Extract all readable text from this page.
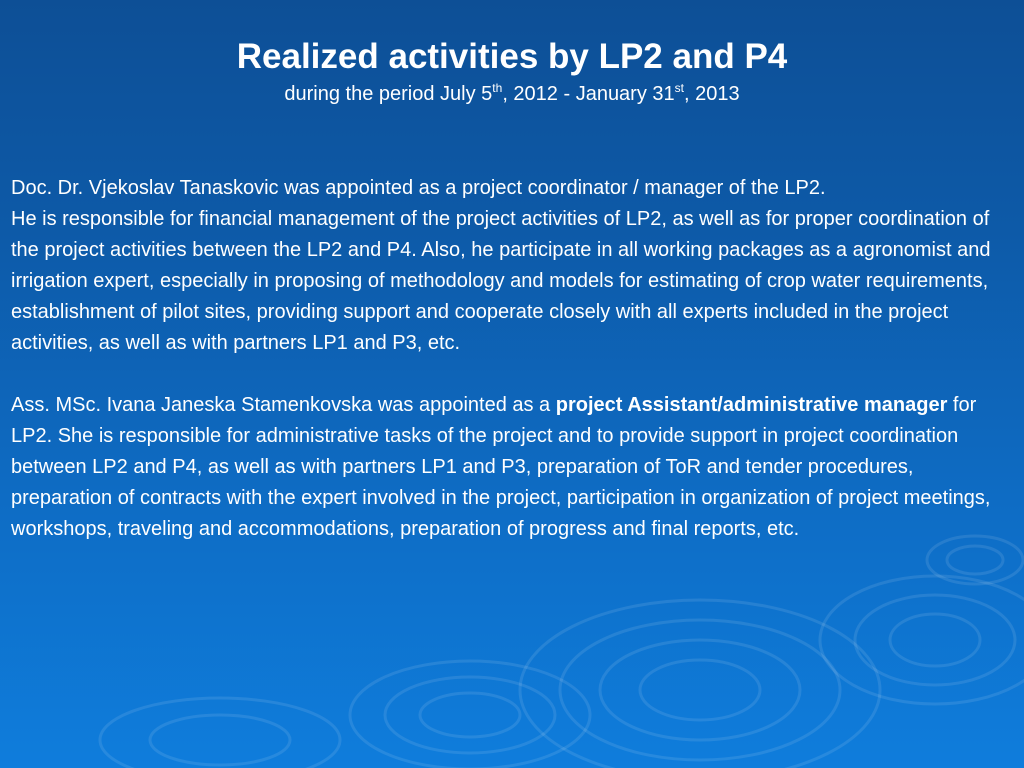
Realized activities by LP2 and P4
during the period July 5th, 2012 - January 31st, 2013

Doc. Dr. Vjekoslav Tanaskovic was appointed as a project coordinator / manager of the LP2.

He is responsible for financial management of the project activities of LP2, as well as for proper coordination of the project activities between the LP2 and P4. Also, he participate in all working packages as a agronomist and irrigation expert, especially in proposing of methodology and models for estimating of crop water requirements, establishment of pilot sites, providing support and cooperate closely with all experts included in the project activities, as well as with partners LP1 and P3, etc.

Ass. MSc. Ivana Janeska Stamenkovska was appointed as a project Assistant/administrative manager for LP2. She is responsible for administrative tasks of the project and to provide support in project coordination between LP2 and P4, as well as with partners LP1 and P3, preparation of ToR and tender procedures, preparation of contracts with the expert involved in the project, participation in organization of project meetings, workshops, traveling and accommodations, preparation of progress and final reports, etc.
